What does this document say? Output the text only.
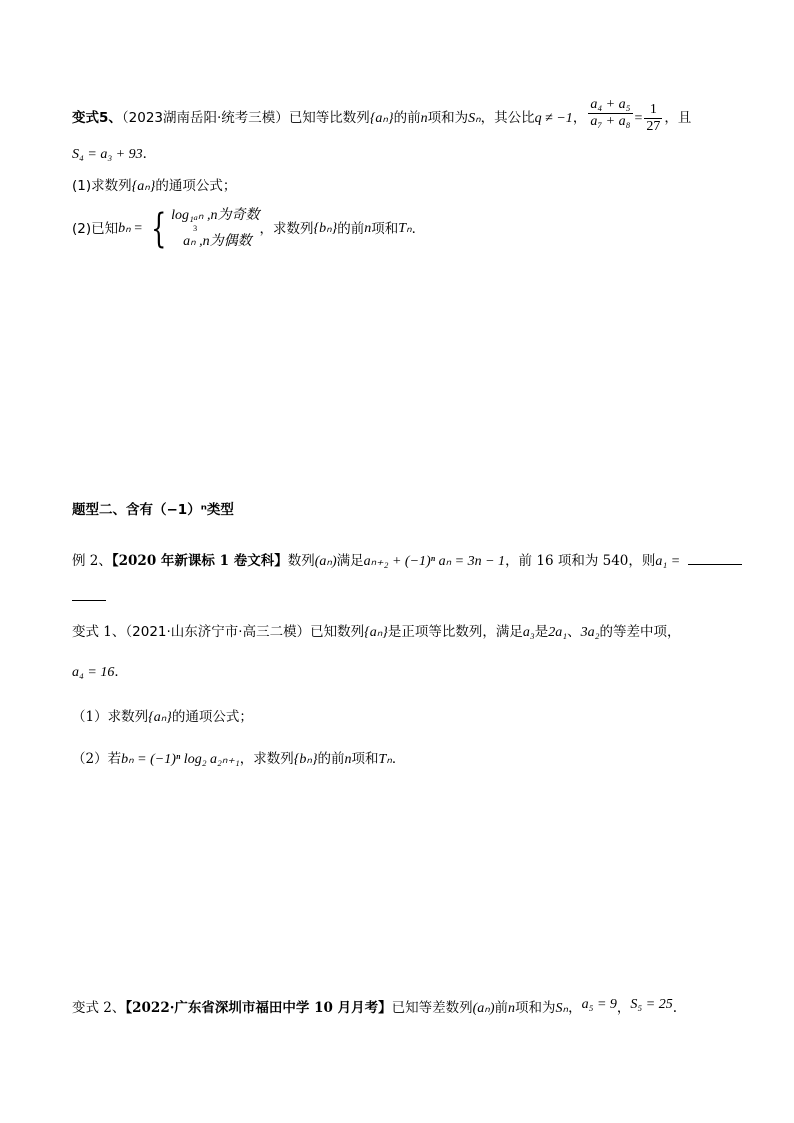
变式5、（2023湖南岳阳·统考三模）已知等比数列{aₙ}的前n项和为Sₙ，其公比q ≠ −1， $\frac{\text{a₄ + a₅}}{\text{a₇ + a₈}} = \frac{1}{27}$ ，且
S₄ = a₃ + 93．
(1)求数列{aₙ}的通项公式；
(2)已知bₙ = { log₁ₐₙ ,n为奇数
3
aₙ ,n为偶数
，求数列{bₙ}的前n项和Tₙ．
题型二、含有（−1）ⁿ类型
例 2、【2020 年新课标 1 卷文科】数列(aₙ)满足aₙ₊₂ + (−1)ⁿ aₙ = 3n − 1，前 16 项和为 540，则a₁ =
变式 1、（2021·山东济宁市·高三二模）已知数列{aₙ}是正项等比数列，满足a₃是2a₁、3a₂的等差中项，
a₄ = 16．
（1）求数列{aₙ}的通项公式；
（2）若bₙ = (−1)ⁿ log₂ a₂ₙ₊₁，求数列{bₙ}的前n项和Tₙ．
变式 2、【2022·广东省深圳市福田中学 10 月月考】已知等差数列(aₙ)前n项和为Sₙ，a₅ = 9，S₅ = 25.
